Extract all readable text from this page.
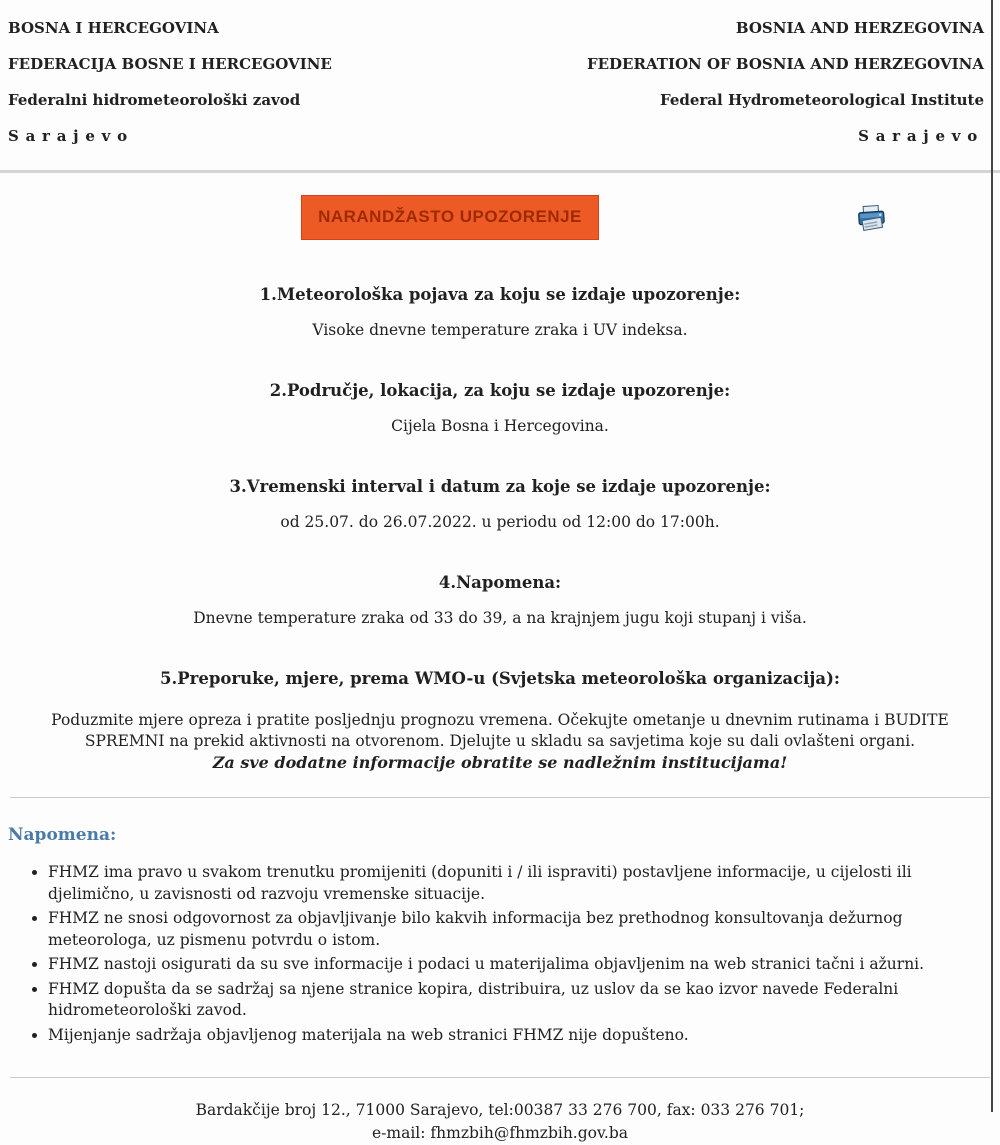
BOSNA I HERCEGOVINA
FEDERACIJA BOSNE I HERCEGOVINE
Federalni hidrometeorološki zavod
Sarajevo
BOSNIA AND HERZEGOVINA
FEDERATION OF BOSNIA AND HERZEGOVINA
Federal Hydrometeorological Institute
Sarajevo
NARANDŽASTO UPOZORENJE
1.Meteorološka pojava za koju se izdaje upozorenje:
Visoke dnevne temperature zraka i UV indeksa.
2.Područje, lokacija, za koju se izdaje upozorenje:
Cijela Bosna i Hercegovina.
3.Vremenski interval i datum za koje se izdaje upozorenje:
od 25.07. do 26.07.2022. u periodu od 12:00 do 17:00h.
4.Napomena:
Dnevne temperature zraka od 33 do 39, a na krajnjem jugu koji stupanj i viša.
5.Preporuke, mjere, prema WMO-u (Svjetska meteorološka organizacija):
Poduzmite mjere opreza i pratite posljednju prognozu vremena. Očekujte ometanje u dnevnim rutinama i BUDITE SPREMNI na prekid aktivnosti na otvorenom. Djelujte u skladu sa savjetima koje su dali ovlašteni organi.
Za sve dodatne informacije obratite se nadležnim institucijama!
Napomena:
• FHMZ ima pravo u svakom trenutku promijeniti (dopuniti i / ili ispraviti) postavljene informacije, u cijelosti ili djelimično, u zavisnosti od razvoju vremenske situacije.
• FHMZ ne snosi odgovornost za objavljivanje bilo kakvih informacija bez prethodnog konsultovanja dežurnog meteorologa, uz pismenu potvrdu o istom.
• FHMZ nastoji osigurati da su sve informacije i podaci u materijalima objavljenim na web stranici tačni i ažurni.
• FHMZ dopušta da se sadržaj sa njene stranice kopira, distribuira, uz uslov da se kao izvor navede Federalni hidrometeorološki zavod.
• Mijenjanje sadržaja objavljenog materijala na web stranici FHMZ nije dopušteno.
Bardakčije broj 12., 71000 Sarajevo, tel:00387 33 276 700, fax: 033 276 701;
e-mail: fhmzbih@fhmzbih.gov.ba
